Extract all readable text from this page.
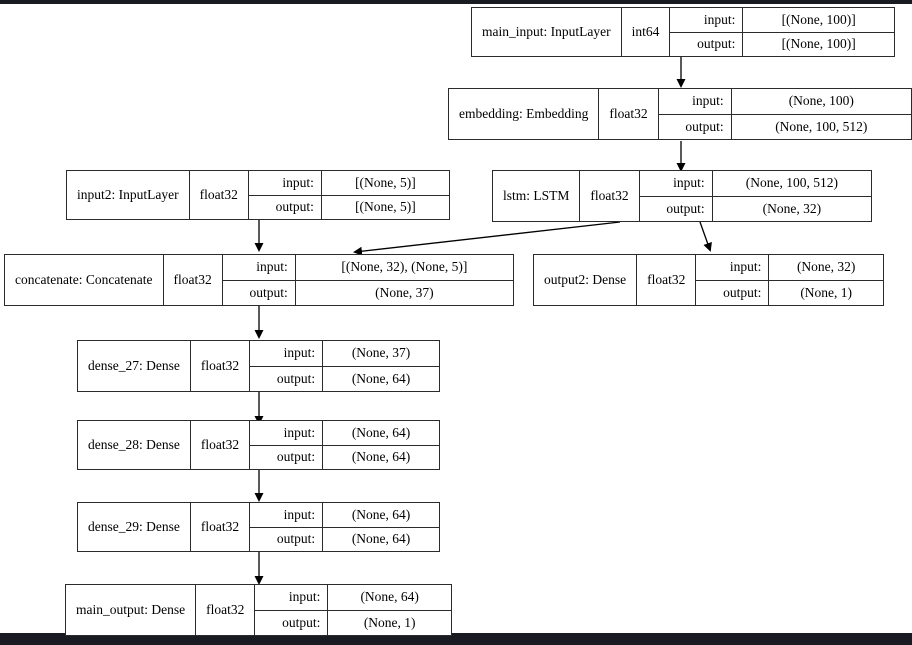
main_input: InputLayer	int64
input:	[(None, 100)]
output:	[(None, 100)]
embedding: Embedding	float32
input:	(None, 100)
output:	(None, 100, 512)
input2: InputLayer	float32
input:	[(None, 5)]
output:	[(None, 5)]
lstm: LSTM	float32
input:	(None, 100, 512)
output:	(None, 32)
concatenate: Concatenate	float32
input:	[(None, 32), (None, 5)]
output:	(None, 37)
output2: Dense	float32
input:	(None, 32)
output:	(None, 1)
dense_27: Dense	float32
input:	(None, 37)
output:	(None, 64)
dense_28: Dense	float32
input:	(None, 64)
output:	(None, 64)
dense_29: Dense	float32
input:	(None, 64)
output:	(None, 64)
main_output: Dense	float32
input:	(None, 64)
output:	(None, 1)
